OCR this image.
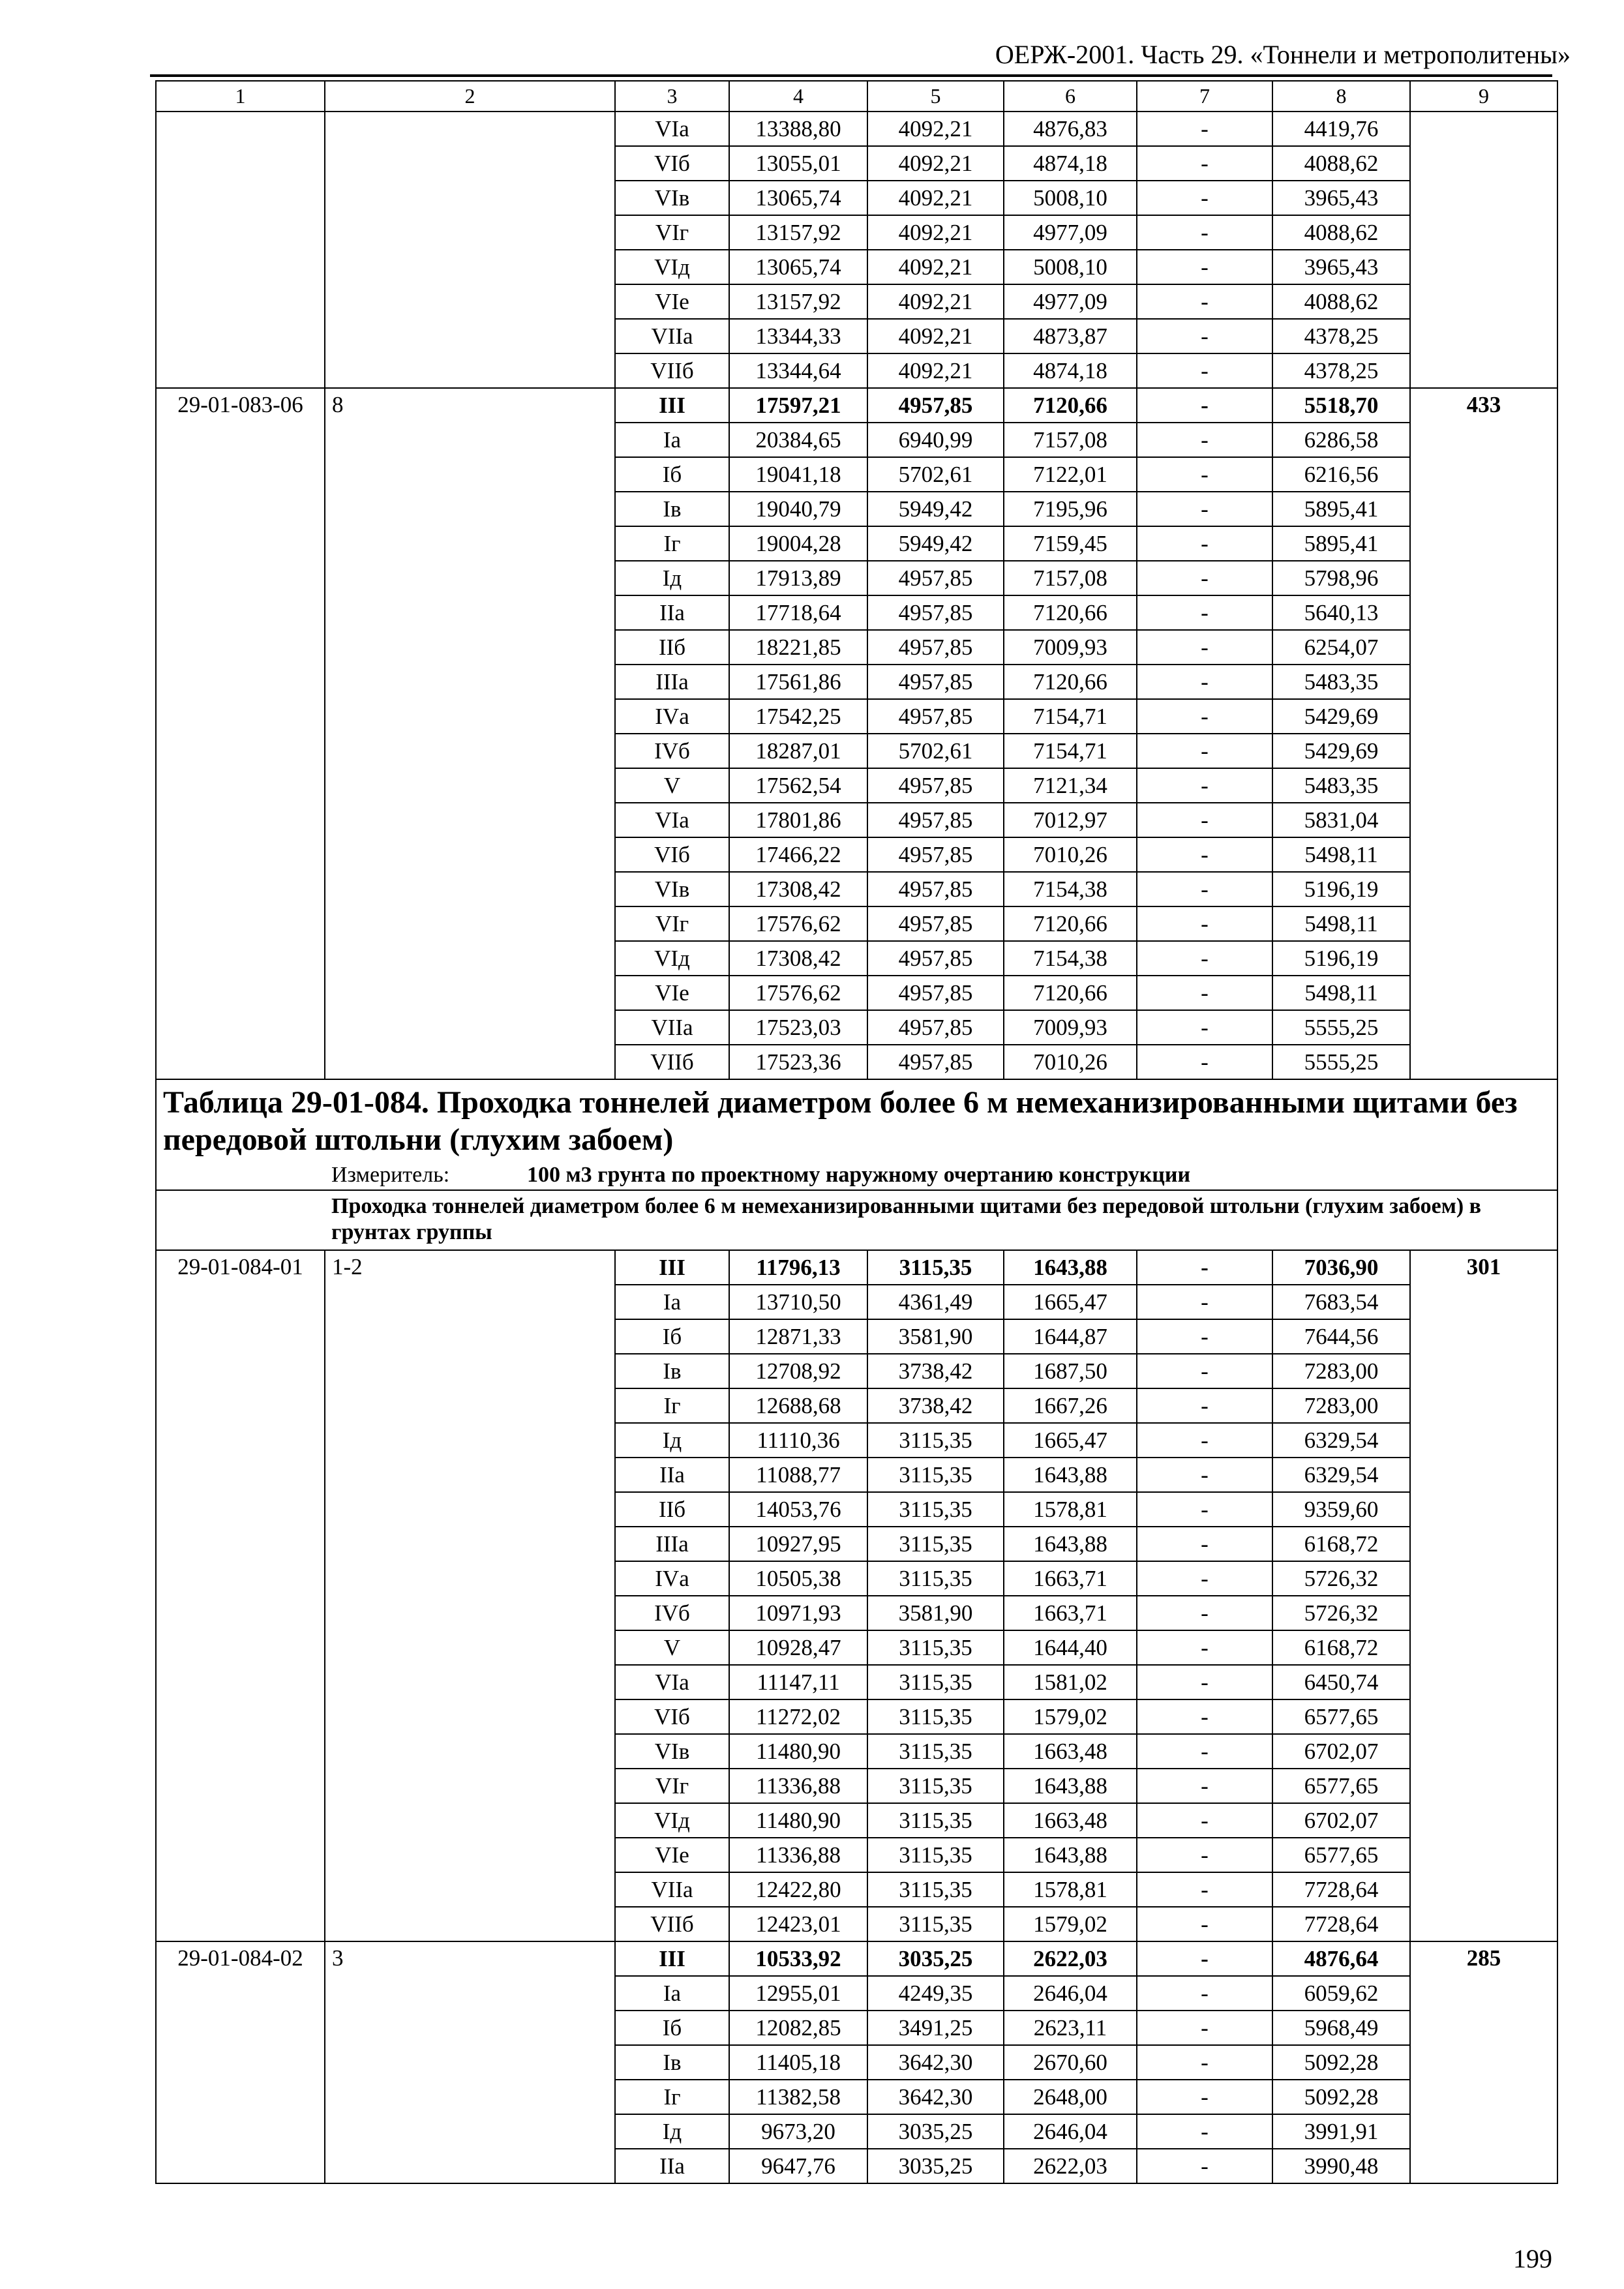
ОЕРЖ-2001. Часть 29. «Тоннели и метрополитены»
1	2	3	4	5	6	7	8	9
		VIа	13388,80	4092,21	4876,83	-	4419,76	
		VIб	13055,01	4092,21	4874,18	-	4088,62	
		VIв	13065,74	4092,21	5008,10	-	3965,43	
		VIг	13157,92	4092,21	4977,09	-	4088,62	
		VIд	13065,74	4092,21	5008,10	-	3965,43	
		VIе	13157,92	4092,21	4977,09	-	4088,62	
		VIIа	13344,33	4092,21	4873,87	-	4378,25	
		VIIб	13344,64	4092,21	4874,18	-	4378,25	
29-01-083-06	8	III	17597,21	4957,85	7120,66	-	5518,70	433
		Iа	20384,65	6940,99	7157,08	-	6286,58	
		Iб	19041,18	5702,61	7122,01	-	6216,56	
		Iв	19040,79	5949,42	7195,96	-	5895,41	
		Iг	19004,28	5949,42	7159,45	-	5895,41	
		Iд	17913,89	4957,85	7157,08	-	5798,96	
		IIа	17718,64	4957,85	7120,66	-	5640,13	
		IIб	18221,85	4957,85	7009,93	-	6254,07	
		IIIа	17561,86	4957,85	7120,66	-	5483,35	
		IVа	17542,25	4957,85	7154,71	-	5429,69	
		IVб	18287,01	5702,61	7154,71	-	5429,69	
		V	17562,54	4957,85	7121,34	-	5483,35	
		VIа	17801,86	4957,85	7012,97	-	5831,04	
		VIб	17466,22	4957,85	7010,26	-	5498,11	
		VIв	17308,42	4957,85	7154,38	-	5196,19	
		VIг	17576,62	4957,85	7120,66	-	5498,11	
		VIд	17308,42	4957,85	7154,38	-	5196,19	
		VIе	17576,62	4957,85	7120,66	-	5498,11	
		VIIа	17523,03	4957,85	7009,93	-	5555,25	
		VIIб	17523,36	4957,85	7010,26	-	5555,25	
Таблица 29-01-084. Проходка тоннелей диаметром более 6 м немеханизированными щитами без передовой штольни (глухим забоем)								
Измеритель: 100 м3 грунта по проектному наружному очертанию конструкции								
Проходка тоннелей диаметром более 6 м немеханизированными щитами без передовой штольни (глухим забоем) в грунтах группы								
29-01-084-01	1-2	III	11796,13	3115,35	1643,88	-	7036,90	301
		Iа	13710,50	4361,49	1665,47	-	7683,54	
		Iб	12871,33	3581,90	1644,87	-	7644,56	
		Iв	12708,92	3738,42	1687,50	-	7283,00	
		Iг	12688,68	3738,42	1667,26	-	7283,00	
		Iд	11110,36	3115,35	1665,47	-	6329,54	
		IIа	11088,77	3115,35	1643,88	-	6329,54	
		IIб	14053,76	3115,35	1578,81	-	9359,60	
		IIIа	10927,95	3115,35	1643,88	-	6168,72	
		IVа	10505,38	3115,35	1663,71	-	5726,32	
		IVб	10971,93	3581,90	1663,71	-	5726,32	
		V	10928,47	3115,35	1644,40	-	6168,72	
		VIа	11147,11	3115,35	1581,02	-	6450,74	
		VIб	11272,02	3115,35	1579,02	-	6577,65	
		VIв	11480,90	3115,35	1663,48	-	6702,07	
		VIг	11336,88	3115,35	1643,88	-	6577,65	
		VIд	11480,90	3115,35	1663,48	-	6702,07	
		VIе	11336,88	3115,35	1643,88	-	6577,65	
		VIIа	12422,80	3115,35	1578,81	-	7728,64	
		VIIб	12423,01	3115,35	1579,02	-	7728,64	
29-01-084-02	3	III	10533,92	3035,25	2622,03	-	4876,64	285
		Iа	12955,01	4249,35	2646,04	-	6059,62	
		Iб	12082,85	3491,25	2623,11	-	5968,49	
		Iв	11405,18	3642,30	2670,60	-	5092,28	
		Iг	11382,58	3642,30	2648,00	-	5092,28	
		Iд	9673,20	3035,25	2646,04	-	3991,91	
		IIа	9647,76	3035,25	2622,03	-	3990,48	
199
